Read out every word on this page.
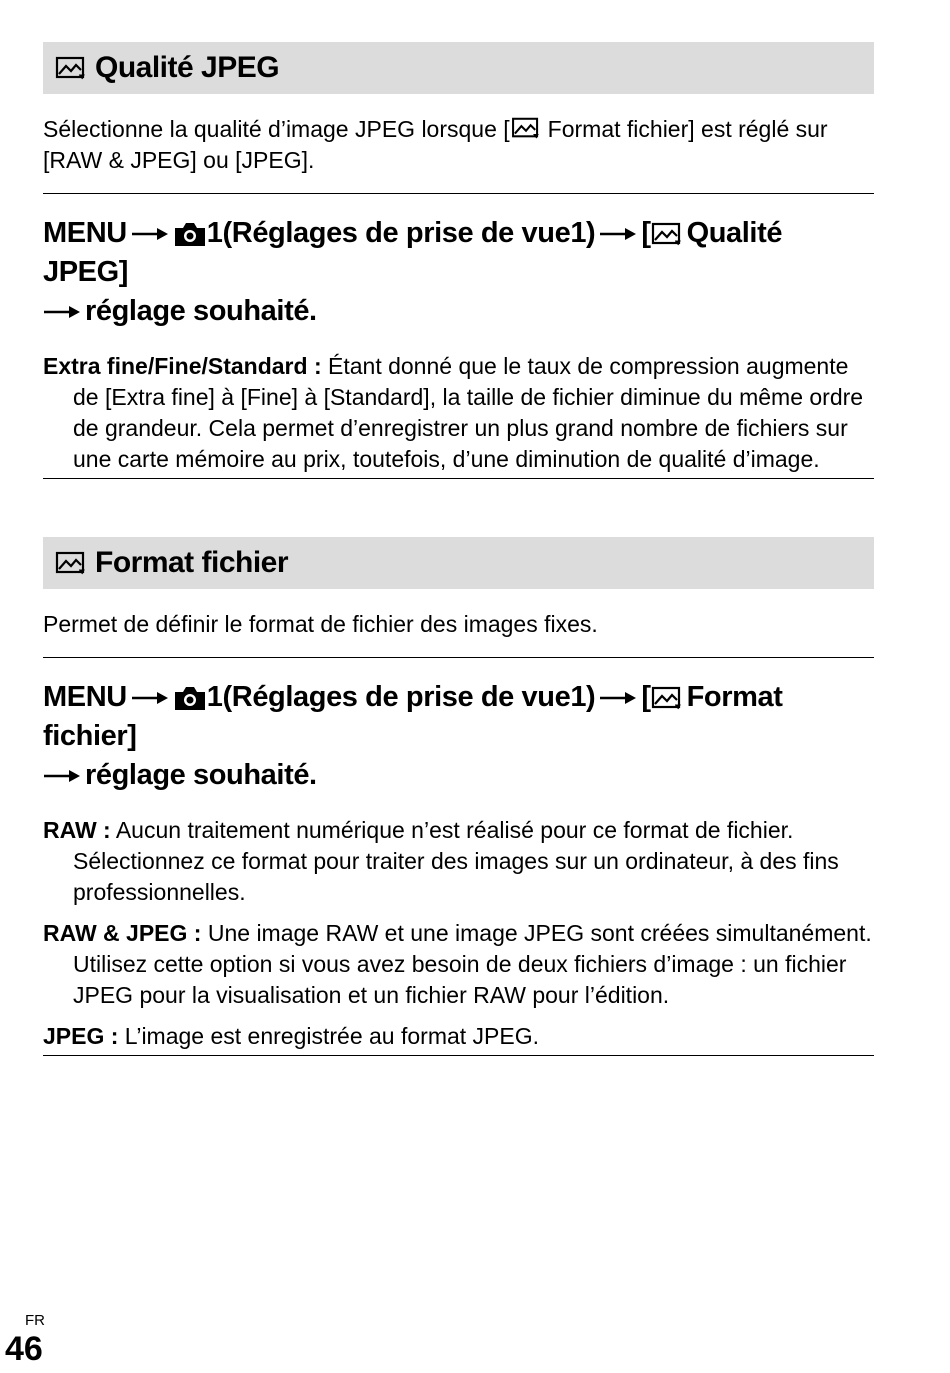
Qualité JPEG

Sélectionne la qualité d’image JPEG lorsque [ Format fichier] est réglé sur [RAW & JPEG] ou [JPEG].

MENU	1(Réglages de prise de vue1) [ Qualité JPEG]
réglage souhaité.

Extra fine/Fine/Standard : Étant donné que le taux de compression augmente de [Extra fine] à [Fine] à [Standard], la taille de fichier diminue du même ordre de grandeur. Cela permet d’enregistrer un plus grand nombre de fichiers sur une carte mémoire au prix, toutefois, d’une diminution de qualité d’image.

Format fichier

Permet de définir le format de fichier des images fixes.

MENU	1(Réglages de prise de vue1) [ Format fichier]
réglage souhaité.

RAW : Aucun traitement numérique n’est réalisé pour ce format de fichier. Sélectionnez ce format pour traiter des images sur un ordinateur, à des fins professionnelles.

RAW & JPEG : Une image RAW et une image JPEG sont créées simultanément. Utilisez cette option si vous avez besoin de deux fichiers d’image : un fichier JPEG pour la visualisation et un fichier RAW pour l’édition.

JPEG : L’image est enregistrée au format JPEG.

FR
46
